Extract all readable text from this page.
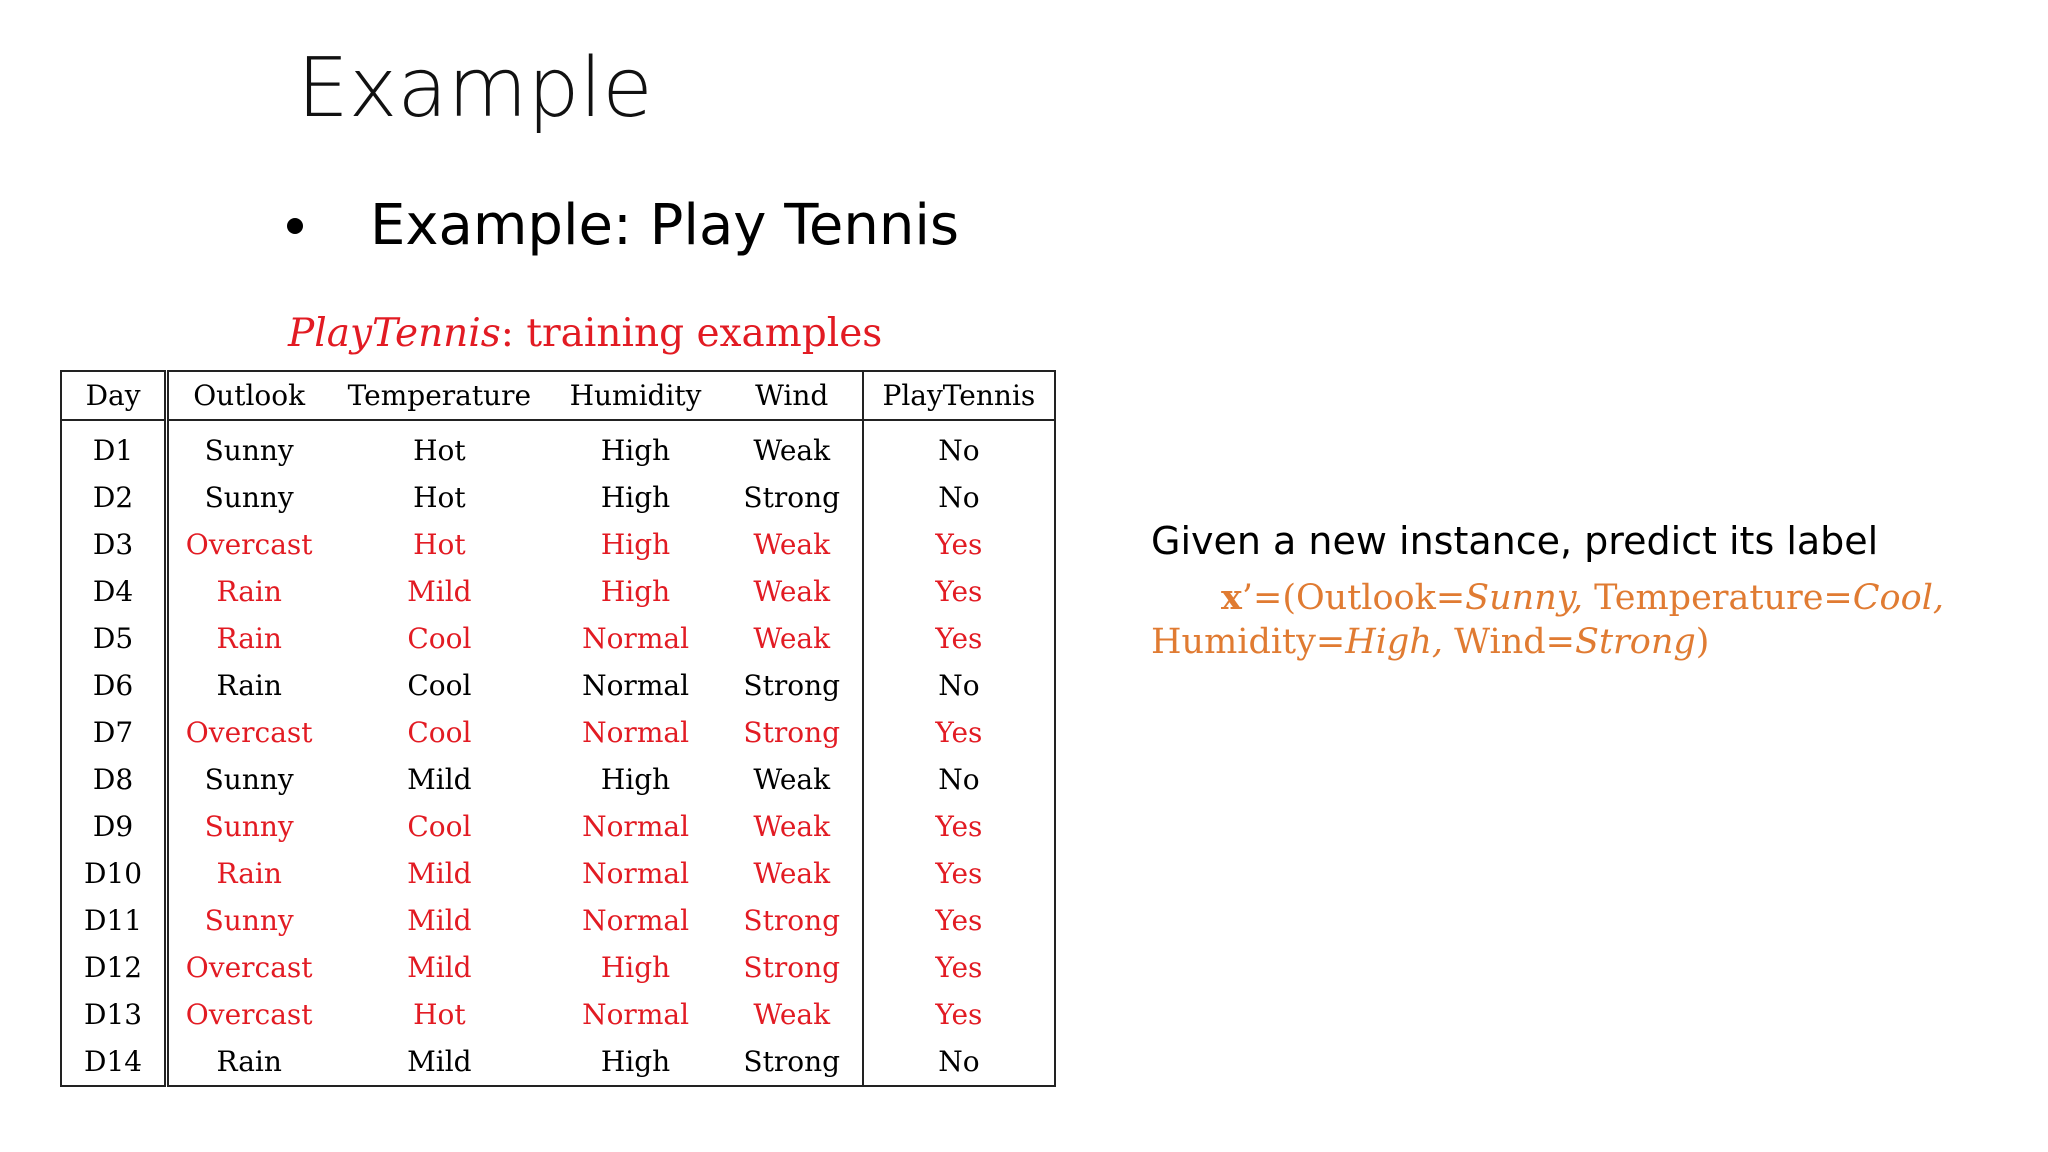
Example
Example: Play Tennis
PlayTennis: training examples
Day	Outlook	Temperature	Humidity	Wind	PlayTennis
D1	Sunny	Hot	High	Weak	No
D2	Sunny	Hot	High	Strong	No
D3	Overcast	Hot	High	Weak	Yes
D4	Rain	Mild	High	Weak	Yes
D5	Rain	Cool	Normal	Weak	Yes
D6	Rain	Cool	Normal	Strong	No
D7	Overcast	Cool	Normal	Strong	Yes
D8	Sunny	Mild	High	Weak	No
D9	Sunny	Cool	Normal	Weak	Yes
D10	Rain	Mild	Normal	Weak	Yes
D11	Sunny	Mild	Normal	Strong	Yes
D12	Overcast	Mild	High	Strong	Yes
D13	Overcast	Hot	Normal	Weak	Yes
D14	Rain	Mild	High	Strong	No
Given a new instance, predict its label
x’=(Outlook=Sunny, Temperature=Cool,
Humidity=High, Wind=Strong)
